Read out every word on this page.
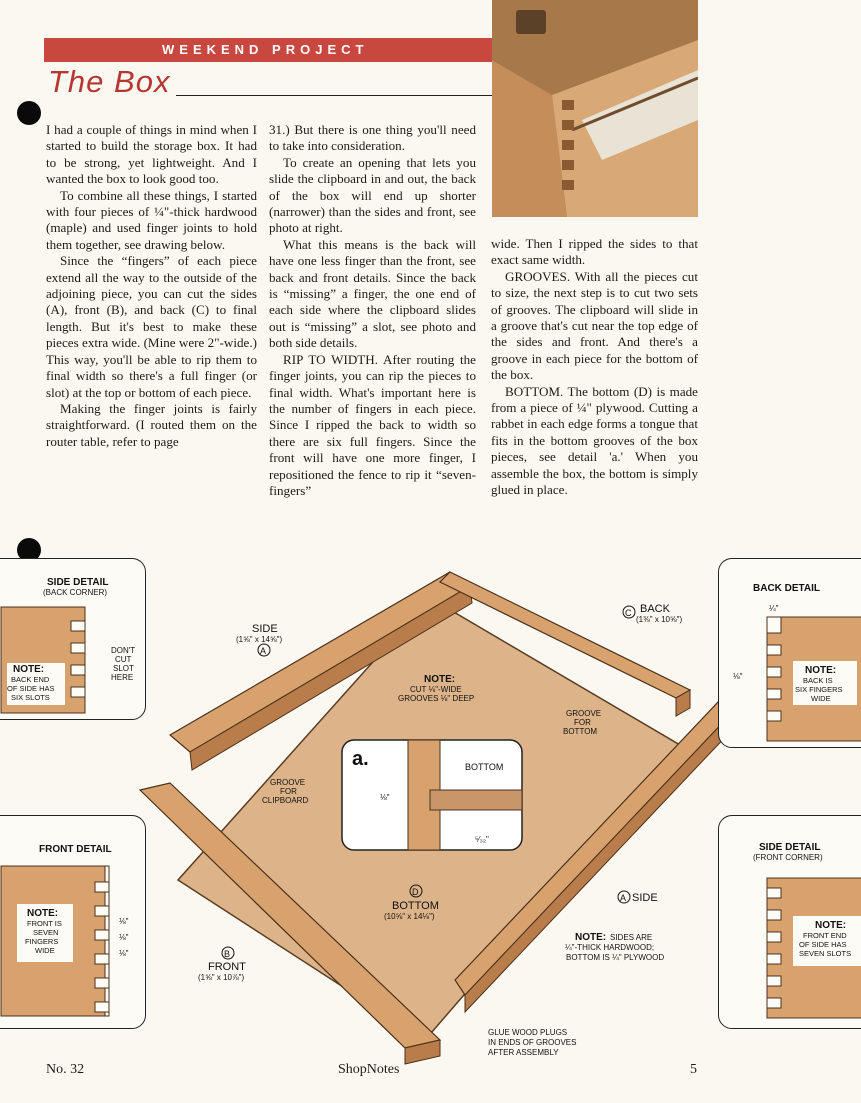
WEEKEND PROJECT
The Box

I had a couple of things in mind when I started to build the storage box. It had to be strong, yet lightweight. And I wanted the box to look good too.

To combine all these things, I started with four pieces of ¼"-thick hardwood (maple) and used finger joints to hold them together, see drawing below.

Since the “fingers” of each piece extend all the way to the outside of the adjoining piece, you can cut the sides (A), front (B), and back (C) to final length. But it's best to make these pieces extra wide. (Mine were 2"-wide.) This way, you'll be able to rip them to final width so there's a full finger (or slot) at the top or bottom of each piece.

Making the finger joints is fairly straightforward. (I routed them on the router table, refer to page

31.) But there is one thing you'll need to take into consideration.

To create an opening that lets you slide the clipboard in and out, the back of the box will end up shorter (narrower) than the sides and front, see photo at right.

What this means is the back will have one less finger than the front, see back and front details. Since the back is “missing” a finger, the one end of each side where the clipboard slides out is “missing” a slot, see photo and both side details.

RIP TO WIDTH. After routing the finger joints, you can rip the pieces to final width. What's important here is the number of fingers in each piece. Since I ripped the back to width so there are six full fingers. Since the front will have one more finger, I repositioned the fence to rip it “seven-fingers”

wide. Then I ripped the sides to that exact same width.

GROOVES. With all the pieces cut to size, the next step is to cut two sets of grooves. The clipboard will slide in a groove that's cut near the top edge of the sides and front. And there's a groove in each piece for the bottom of the box.

BOTTOM. The bottom (D) is made from a piece of ¼" plywood. Cutting a rabbet in each edge forms a tongue that fits in the bottom grooves of the box pieces, see detail 'a.' When you assemble the box, the bottom is simply glued in place.

a.	BOTTOM
⅛"
⁵⁄₃₂"
SIDE
(1⅝" x 14⅝")
A
C BACK
(1⅜" x 10⅝")
B
FRONT
(1⅝" x 10⅞")
D
BOTTOM
(10⅝" x 14⅛")
A SIDE
NOTE:
CUT ⅛"-WIDE
GROOVES ⅛" DEEP
GROOVE
FOR
BOTTOM
GROOVE
FOR
CLIPBOARD
NOTE: SIDES ARE
¼"-THICK HARDWOOD;
BOTTOM IS ¼" PLYWOOD
GLUE WOOD PLUGS
IN ENDS OF GROOVES
AFTER ASSEMBLY
SIDE DETAIL
(BACK CORNER)
NOTE:
BACK END
OF SIDE HAS
SIX SLOTS
DON'T
CUT
SLOT
HERE
FRONT DETAIL
NOTE:
FRONT IS
SEVEN
FINGERS
WIDE
⅛"
⅛"
⅛"
BACK DETAIL
¼"
⅛"
NOTE:
BACK IS
SIX FINGERS
WIDE
SIDE DETAIL
(FRONT CORNER)
NOTE:
FRONT END
OF SIDE HAS
SEVEN SLOTS
No. 32	ShopNotes	5
